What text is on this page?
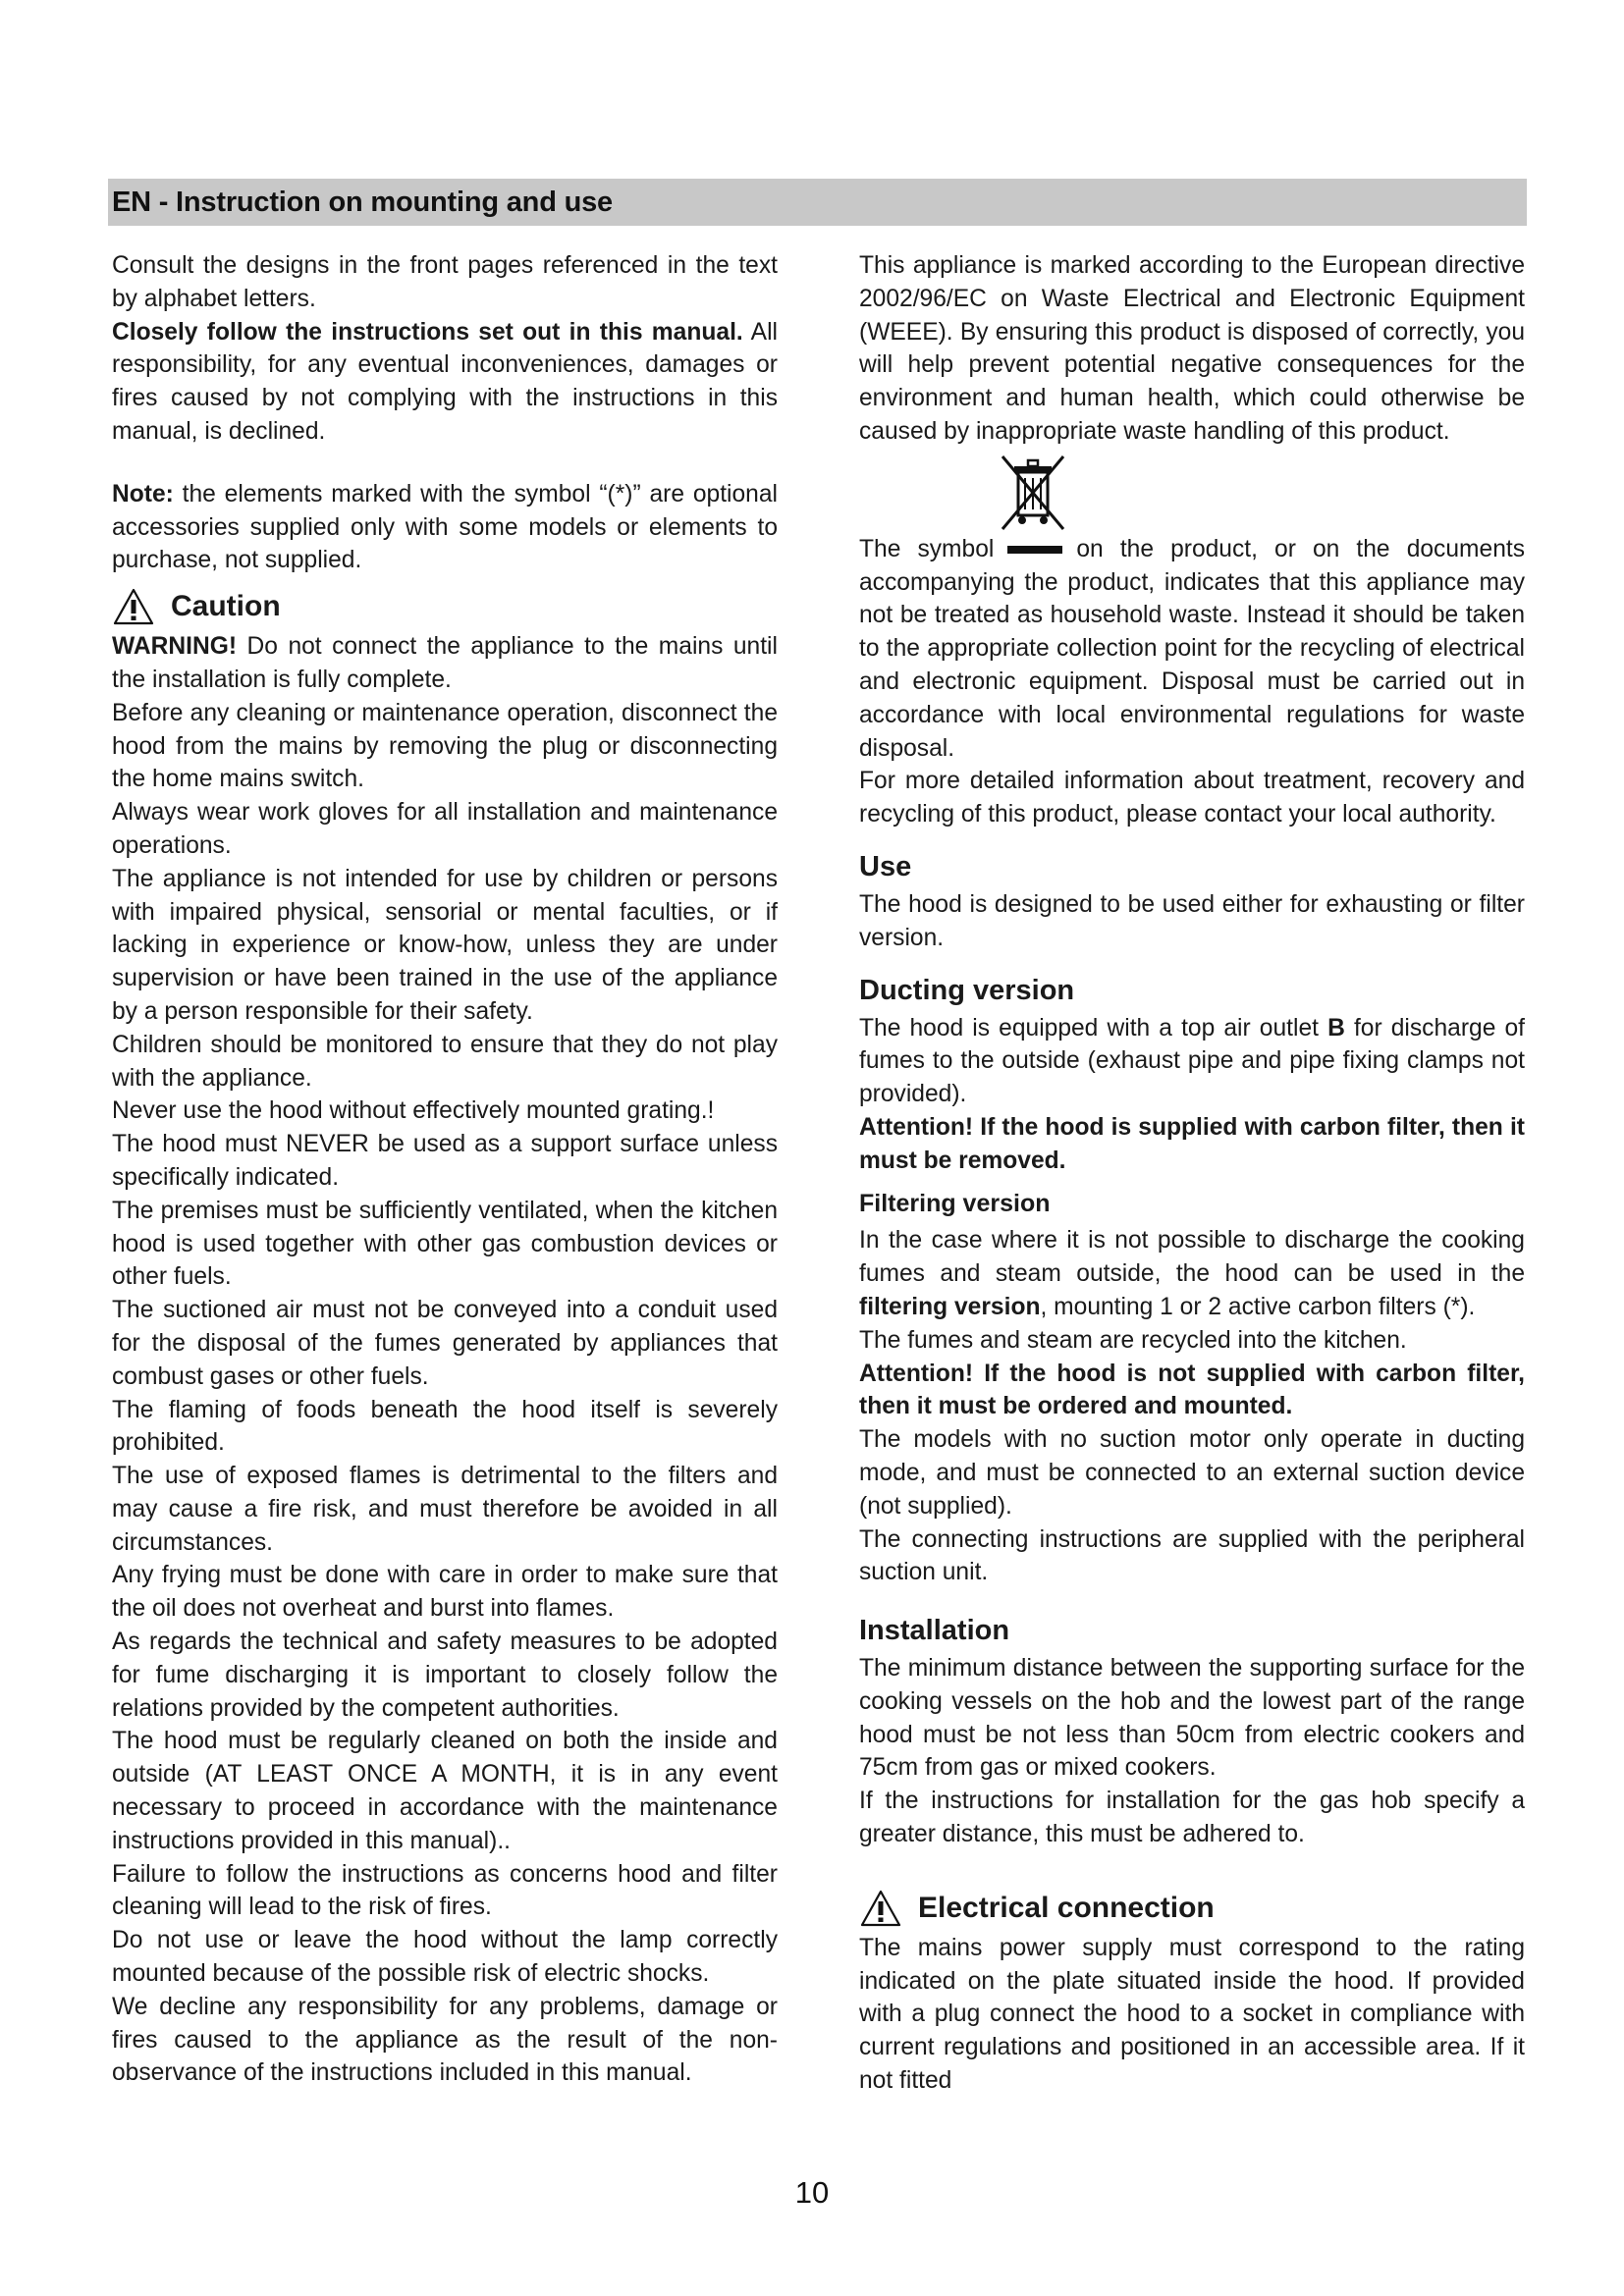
EN - Instruction on mounting and use

Consult the designs in the front pages referenced in the text by alphabet letters.

Closely follow the instructions set out in this manual. All responsibility, for any eventual inconveniences, damages or fires caused by not complying with the instructions in this manual, is declined.

Note: the elements marked with the symbol “(*)” are optional accessories supplied only with some models or elements to purchase, not supplied.

Caution

WARNING! Do not connect the appliance to the mains until the installation is fully complete.

Before any cleaning or maintenance operation, disconnect the hood from the mains by removing the plug or disconnecting the home mains switch.

Always wear work gloves for all installation and maintenance operations.

The appliance is not intended for use by children or persons with impaired physical, sensorial or mental faculties, or if lacking in experience or know-how, unless they are under supervision or have been trained in the use of the appliance by a person responsible for their safety.

Children should be monitored to ensure that they do not play with the appliance.

Never use the hood without effectively mounted grating.!

The hood must NEVER be used as a support surface unless specifically indicated.

The premises must be sufficiently ventilated, when the kitchen hood is used together with other gas combustion devices or other fuels.

The suctioned air must not be conveyed into a conduit used for the disposal of the fumes generated by appliances that combust gases or other fuels.

The flaming of foods beneath the hood itself is severely prohibited.

The use of exposed flames is detrimental to the filters and may cause a fire risk, and must therefore be avoided in all circumstances.

Any frying must be done with care in order to make sure that the oil does not overheat and burst into flames.

As regards the technical and safety measures to be adopted for fume discharging it is important to closely follow the relations provided by the competent authorities.

The hood must be regularly cleaned on both the inside and outside (AT LEAST ONCE A MONTH, it is in any event necessary to proceed in accordance with the maintenance instructions provided in this manual)..

Failure to follow the instructions as concerns hood and filter cleaning will lead to the risk of fires.

Do not use or leave the hood without the lamp correctly mounted because of the possible risk of electric shocks.

We decline any responsibility for any problems, damage or fires caused to the appliance as the result of the non-observance of the instructions included in this manual.

This appliance is marked according to the European directive 2002/96/EC on Waste Electrical and Electronic Equipment (WEEE). By ensuring this product is disposed of correctly, you will help prevent potential negative consequences for the environment and human health, which could otherwise be caused by inappropriate waste handling of this product.

The symbol	on the product, or on the documents accompanying the product, indicates that this appliance may not be treated as household waste. Instead it should be taken to the appropriate collection point for the recycling of electrical and electronic equipment. Disposal must be carried out in accordance with local environmental regulations for waste disposal.

For more detailed information about treatment, recovery and recycling of this product, please contact your local authority.

Use

The hood is designed to be used either for exhausting or filter version.

Ducting version

The hood is equipped with a top air outlet B for discharge of fumes to the outside (exhaust pipe and pipe fixing clamps not provided).

Attention! If the hood is supplied with carbon filter, then it must be removed.

Filtering version

In the case where it is not possible to discharge the cooking fumes and steam outside, the hood can be used in the filtering version, mounting 1 or 2 active carbon filters (*).

The fumes and steam are recycled into the kitchen.

Attention! If the hood is not supplied with carbon filter, then it must be ordered and mounted.

The models with no suction motor only operate in ducting mode, and must be connected to an external suction device (not supplied).

The connecting instructions are supplied with the peripheral suction unit.

Installation

The minimum distance between the supporting surface for the cooking vessels on the hob and the lowest part of the range hood must be not less than 50cm from electric cookers and 75cm from gas or mixed cookers.

If the instructions for installation for the gas hob specify a greater distance, this must be adhered to.

Electrical connection

The mains power supply must correspond to the rating indicated on the plate situated inside the hood. If provided with a plug connect the hood to a socket in compliance with current regulations and positioned in an accessible area. If it not fitted

10
